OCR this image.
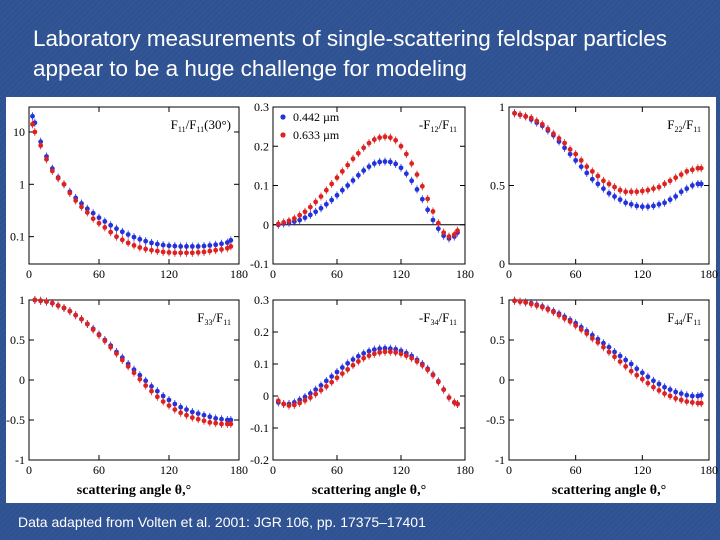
Laboratory measurements of single-scattering feldspar particles appear to be a huge challenge for modeling
0	60	120	180
0.1
1
10	$F_{11}/F_{11}(30^\circ)$
0	60	120	180
-0.1
0
0.1
0.2
0.3
$-F_{12}/F_{11}$
0	60	120	180
0
0.5
1
$F_{22}/F_{11}$
0	60	120	180
-1
-0.5
0
0.5
1
$F_{33}/F_{11}$
scattering angle θ,°
0	60	120	180
-0.2
-0.1
0
0.1
0.2
0.3
$-F_{34}/F_{11}$
scattering angle θ,°
0	60	120	180
-1
-0.5
0
0.5
1
$F_{44}/F_{11}$
scattering angle θ,°
0.442 µm
0.633 µm
Data adapted from Volten et al. 2001: JGR 106, pp. 17375–17401
